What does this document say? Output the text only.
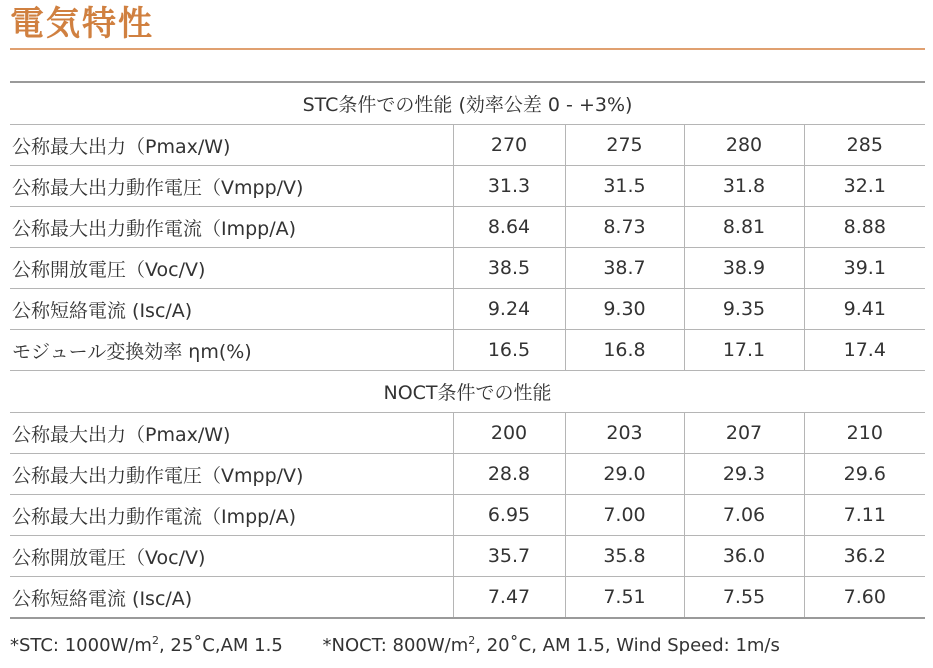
電気特性
STC条件での性能 (効率公差 0 - +3%)				
公称最大出力（Pmax/W)	270	275	280	285
公称最大出力動作電圧（Vmpp/V)	31.3	31.5	31.8	32.1
公称最大出力動作電流（Impp/A)	8.64	8.73	8.81	8.88
公称開放電圧（Voc/V)	38.5	38.7	38.9	39.1
公称短絡電流 (Isc/A)	9.24	9.30	9.35	9.41
モジュール変換効率 ηm(%)	16.5	16.8	17.1	17.4
NOCT条件での性能				
公称最大出力（Pmax/W)	200	203	207	210
公称最大出力動作電圧（Vmpp/V)	28.8	29.0	29.3	29.6
公称最大出力動作電流（Impp/A)	6.95	7.00	7.06	7.11
公称開放電圧（Voc/V)	35.7	35.8	36.0	36.2
公称短絡電流 (Isc/A)	7.47	7.51	7.55	7.60
*STC: $1000W/m^2$, 25˚C,AM 1.5 *NOCT: $800W/m^2$, 20˚C, AM 1.5, Wind Speed: 1m/s
